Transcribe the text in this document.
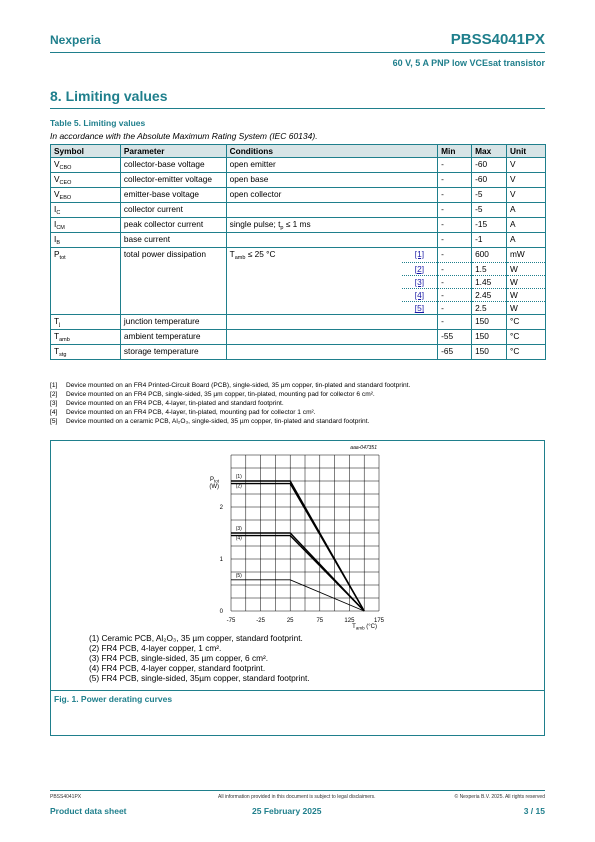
Nexperia	PBSS4041PX
60 V, 5 A PNP low VCEsat transistor
8. Limiting values
Table 5. Limiting values
In accordance with the Absolute Maximum Rating System (IEC 60134).
Symbol	Parameter	Conditions		Min	Max	Unit
$V_{CBO}$	collector-base voltage	open emitter		-	-60	V
$V_{CEO}$	collector-emitter voltage	open base		-	-60	V
$V_{EBO}$	emitter-base voltage	open collector		-	-5	V
$I_C$	collector current			-	-5	A
$I_{CM}$	peak collector current	single pulse; $t_p \le 1$ ms		-	-15	A
$I_B$	base current			-	-1	A
$P_{tot}$	total power dissipation	$T_{amb} \le 25$ °C	[1]	-	600	mW
			[2]	-	1.5	W
			[3]	-	1.45	W
			[4]	-	2.45	W
			[5]	-	2.5	W
$T_j$	junction temperature			-	150	°C
$T_{amb}$	ambient temperature			-55	150	°C
$T_{stg}$	storage temperature			-65	150	°C
[1] Device mounted on an FR4 Printed-Circuit Board (PCB), single-sided, 35 µm copper, tin-plated and standard footprint.
[2] Device mounted on an FR4 PCB, single-sided, 35 µm copper, tin-plated, mounting pad for collector 6 cm².
[3] Device mounted on an FR4 PCB, 4-layer, tin-plated and standard footprint.
[4] Device mounted on an FR4 PCB, 4-layer, tin-plated, mounting pad for collector 1 cm².
[5] Device mounted on a ceramic PCB, Al₂O₃, single-sided, 35 µm copper, tin-plated and standard footprint.
-75	-25	25	75	125	175
0
1
2
$P_{tot}$
(W)
$T_{amb}$ (°C)
aaa-047351
(1)
(2)
(3)
(4)
(5)
(1) Ceramic PCB, Al₂O₃, 35 µm copper, standard footprint.
(2) FR4 PCB, 4-layer copper, 1 cm².
(3) FR4 PCB, single-sided, 35 µm copper, 6 cm².
(4) FR4 PCB, 4-layer copper, standard footprint.
(5) FR4 PCB, single-sided, 35µm copper, standard footprint.
Fig. 1. Power derating curves
PBSS4041PX	All information provided in this document is subject to legal disclaimers.	© Nexperia B.V. 2025. All rights reserved
Product data sheet	25 February 2025	3 / 15
